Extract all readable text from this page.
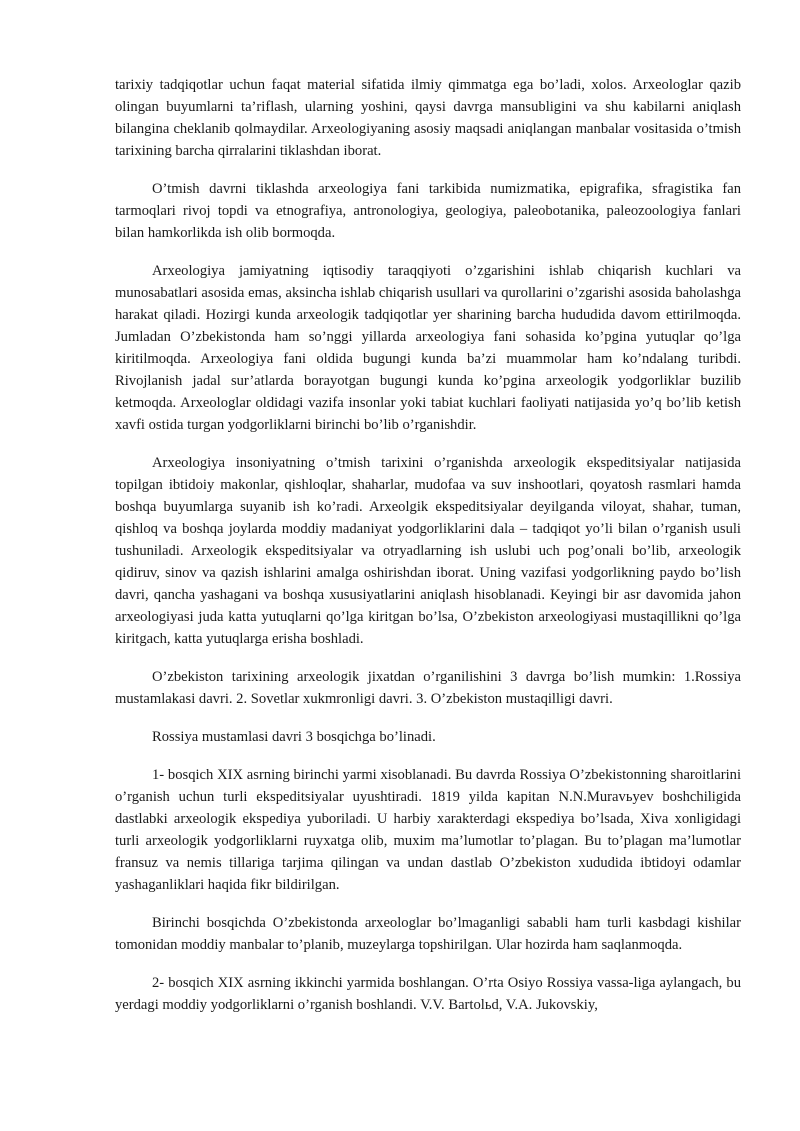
tarixiy tadqiqotlar uchun faqat material sifatida ilmiy qimmatga ega bo’ladi, xolos. Arxeologlar qazib olingan buyumlarni ta’riflash, ularning yoshini, qaysi davrga mansubligini va shu kabilarni aniqlash bilangina cheklanib qolmaydilar. Arxeologiyaning asosiy maqsadi aniqlangan manbalar vositasida o’tmish tarixining barcha qirralarini tiklashdan iborat.

O’tmish davrni tiklashda arxeologiya fani tarkibida numizmatika, epigrafika, sfragistika fan tarmoqlari rivoj topdi va etnografiya, antronologiya, geologiya, paleobotanika, paleozoologiya fanlari bilan hamkorlikda ish olib bormoqda.

Arxeologiya jamiyatning iqtisodiy taraqqiyoti o’zgarishini ishlab chiqarish kuchlari va munosabatlari asosida emas, aksincha ishlab chiqarish usullari va qurollarini o’zgarishi asosida baholashga harakat qiladi. Hozirgi kunda arxeologik tadqiqotlar yer sharining barcha hududida davom ettirilmoqda. Jumladan O’zbekistonda ham so’nggi yillarda arxeologiya fani sohasida ko’pgina yutuqlar qo’lga kiritilmoqda. Arxeologiya fani oldida bugungi kunda ba’zi muammolar ham ko’ndalang turibdi. Rivojlanish jadal sur’atlarda borayotgan bugungi kunda ko’pgina arxeologik yodgorliklar buzilib ketmoqda. Arxeologlar oldidagi vazifa insonlar yoki tabiat kuchlari faoliyati natijasida yo’q bo’lib ketish xavfi ostida turgan yodgorliklarni birinchi bo’lib o’rganishdir.

Arxeologiya insoniyatning o’tmish tarixini o’rganishda arxeologik ekspeditsiyalar natijasida topilgan ibtidoiy makonlar, qishloqlar, shaharlar, mudofaa va suv inshootlari, qoyatosh rasmlari hamda boshqa buyumlarga suyanib ish ko’radi. Arxeolgik ekspeditsiyalar deyilganda viloyat, shahar, tuman, qishloq va boshqa joylarda moddiy madaniyat yodgorliklarini dala – tadqiqot yo’li bilan o’rganish usuli tushuniladi. Arxeologik ekspeditsiyalar va otryadlarning ish uslubi uch pog’onali bo’lib, arxeologik qidiruv, sinov va qazish ishlarini amalga oshirishdan iborat. Uning vazifasi yodgorlikning paydo bo’lish davri, qancha yashagani va boshqa xususiyatlarini aniqlash hisoblanadi. Keyingi bir asr davomida jahon arxeologiyasi juda katta yutuqlarni qo’lga kiritgan bo’lsa, O’zbekiston arxeologiyasi mustaqillikni qo’lga kiritgach, katta yutuqlarga erisha boshladi.

O’zbekiston tarixining arxeologik jixatdan o’rganilishini 3 davrga bo’lish mumkin: 1.Rossiya mustamlakasi davri. 2. Sovetlar xukmronligi davri. 3. O’zbekiston mustaqilligi davri.

Rossiya mustamlasi davri 3 bosqichga bo’linadi.

1- bosqich XIX asrning birinchi yarmi xisoblanadi. Bu davrda Rossiya O’zbekistonning sharoitlarini o’rganish uchun turli ekspeditsiyalar uyushtiradi. 1819 yilda kapitan N.N.Muravьyev boshchiligida dastlabki arxeologik ekspediya yuboriladi. U harbiy xarakterdagi ekspediya bo’lsada, Xiva xonligidagi turli arxeologik yodgorliklarni ruyxatga olib, muxim ma’lumotlar to’plagan. Bu to’plagan ma’lumotlar fransuz va nemis tillariga tarjima qilingan va undan dastlab O’zbekiston xududida ibtidoyi odamlar yashaganliklari haqida fikr bildirilgan.

Birinchi bosqichda O’zbekistonda arxeologlar bo’lmaganligi sababli ham turli kasbdagi kishilar tomonidan moddiy manbalar to’planib, muzeylarga topshirilgan. Ular hozirda ham saqlanmoqda.

2- bosqich XIX asrning ikkinchi yarmida boshlangan. O’rta Osiyo Rossiya vassa-liga aylangach, bu yerdagi moddiy yodgorliklarni o’rganish boshlandi. V.V. Bartolьd, V.A. Jukovskiy,
